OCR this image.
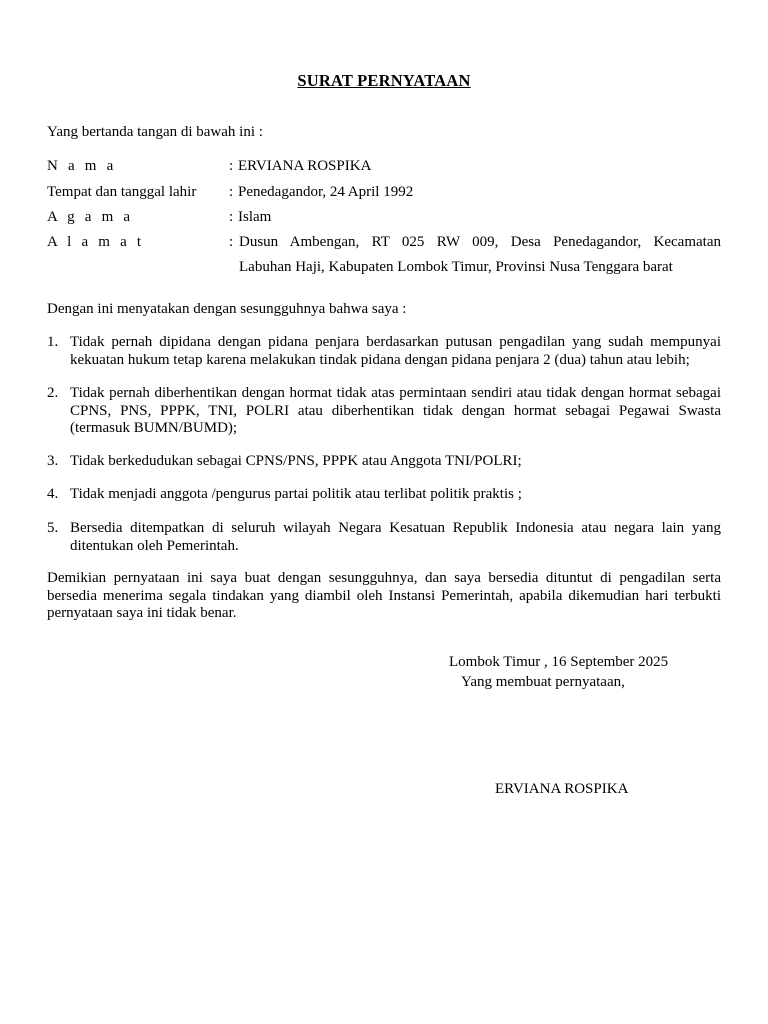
SURAT PERNYATAAN
Yang bertanda tangan di bawah ini :
N a m a	: ERVIANA ROSPIKA
Tempat dan tanggal lahir : Penedagandor, 24 April 1992
A g a m a	: Islam
A l a m a t	: Dusun Ambengan, RT 025 RW 009, Desa Penedagandor, Kecamatan
Labuhan Haji, Kabupaten Lombok Timur, Provinsi Nusa Tenggara barat
Dengan ini menyatakan dengan sesungguhnya bahwa saya :
1. Tidak pernah dipidana dengan pidana penjara berdasarkan putusan pengadilan yang sudah mempunyai kekuatan hukum tetap karena melakukan tindak pidana dengan pidana penjara 2 (dua) tahun atau lebih;
2. Tidak pernah diberhentikan dengan hormat tidak atas permintaan sendiri atau tidak dengan hormat sebagai CPNS, PNS, PPPK, TNI, POLRI atau diberhentikan tidak dengan hormat sebagai Pegawai Swasta (termasuk BUMN/BUMD);
3. Tidak berkedudukan sebagai CPNS/PNS, PPPK atau Anggota TNI/POLRI;
4. Tidak menjadi anggota /pengurus partai politik atau terlibat politik praktis ;
5. Bersedia ditempatkan di seluruh wilayah Negara Kesatuan Republik Indonesia atau negara lain yang ditentukan oleh Pemerintah.
Demikian pernyataan ini saya buat dengan sesungguhnya, dan saya bersedia dituntut di pengadilan serta bersedia menerima segala tindakan yang diambil oleh Instansi Pemerintah, apabila dikemudian hari terbukti pernyataan saya ini tidak benar.
Lombok Timur , 16 September 2025
Yang membuat pernyataan,
ERVIANA ROSPIKA
